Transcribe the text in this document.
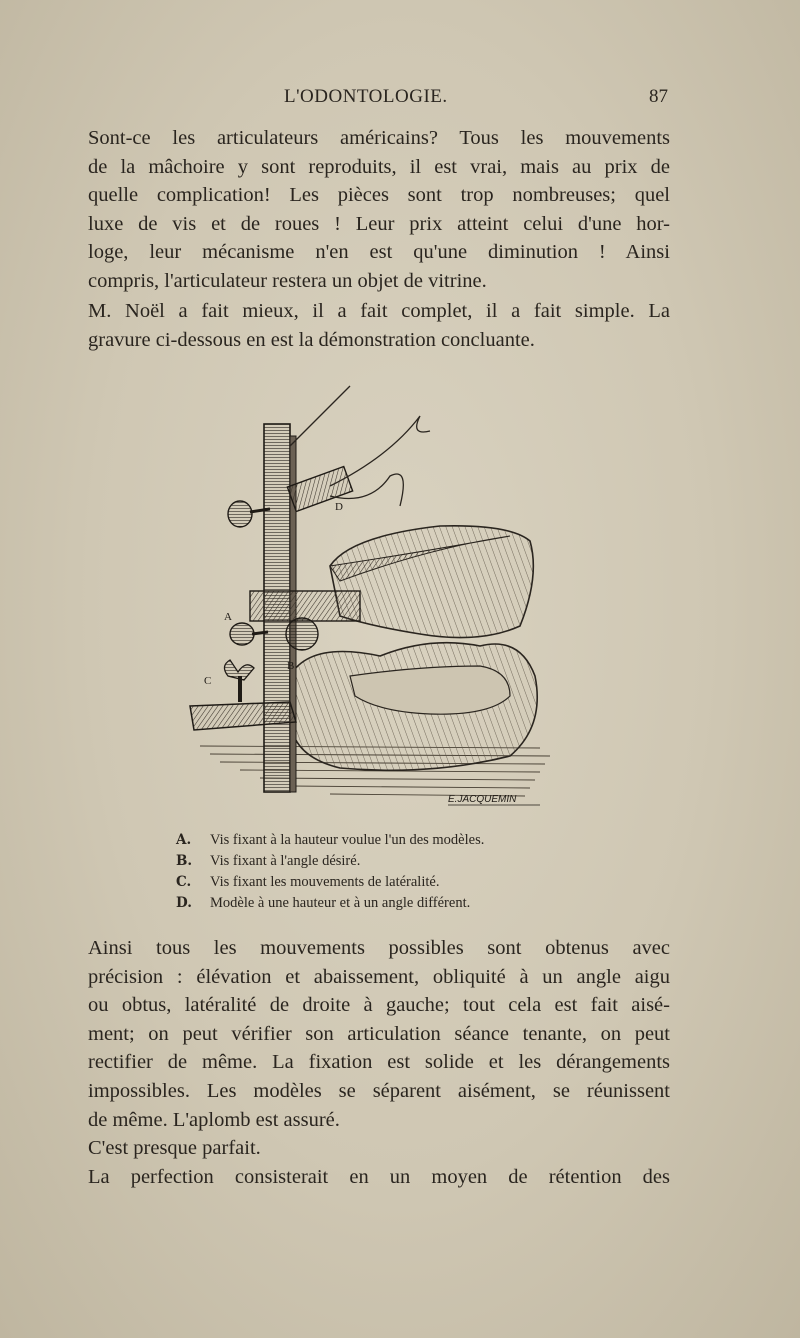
L'ODONTOLOGIE.	87
Sont-ce les articulateurs américains? Tous les mouvements
de la mâchoire y sont reproduits, il est vrai, mais au prix de
quelle complication! Les pièces sont trop nombreuses; quel
luxe de vis et de roues ! Leur prix atteint celui d'une hor-
loge, leur mécanisme n'en est qu'une diminution ! Ainsi
compris, l'articulateur restera un objet de vitrine.
M. Noël a fait mieux, il a fait complet, il a fait simple. La
gravure ci-dessous en est la démonstration concluante.
A
B
C
D
E.JACQUEMIN
A.	Vis fixant à la hauteur voulue l'un des modèles.
B.	Vis fixant à l'angle désiré.
C.	Vis fixant les mouvements de latéralité.
D.	Modèle à une hauteur et à un angle différent.
Ainsi tous les mouvements possibles sont obtenus avec
précision : élévation et abaissement, obliquité à un angle aigu
ou obtus, latéralité de droite à gauche; tout cela est fait aisé-
ment; on peut vérifier son articulation séance tenante, on peut
rectifier de même. La fixation est solide et les dérangements
impossibles. Les modèles se séparent aisément, se réunissent
de même. L'aplomb est assuré.
C'est presque parfait.
La perfection consisterait en un moyen de rétention des
